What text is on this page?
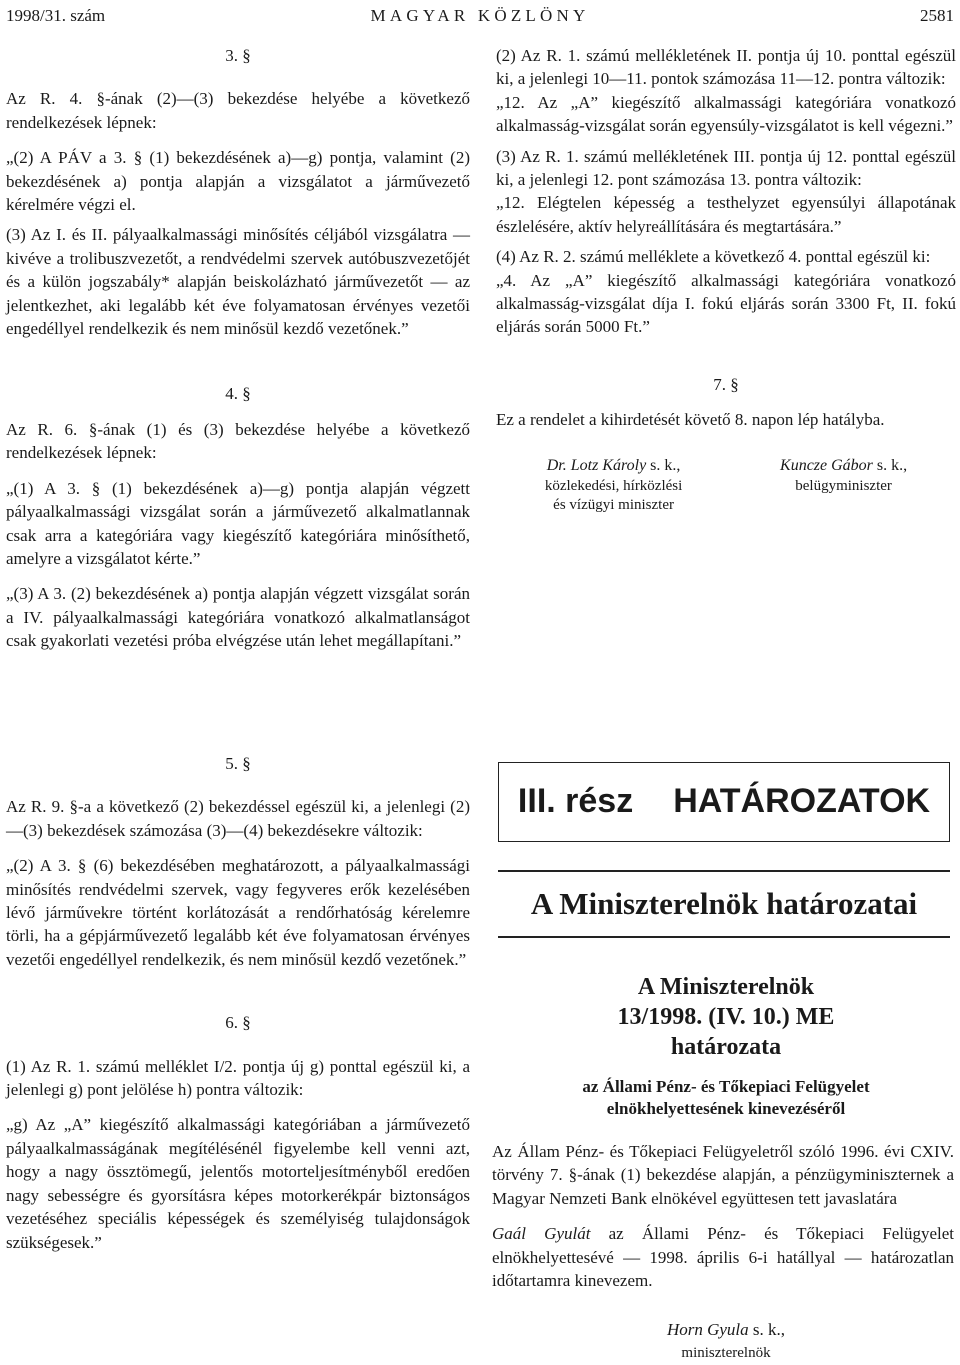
1998/31. szám	MAGYAR KÖZLÖNY	2581

3. §

Az R. 4. §-ának (2)—(3) bekezdése helyébe a következő rendelkezések lépnek:

„(2) A PÁV a 3. § (1) bekezdésének a)—g) pontja, valamint (2) bekezdésének a) pontja alapján a vizsgálatot a járművezető kérelmére végzi el.

(3) Az I. és II. pályaalkalmassági minősítés céljából vizsgálatra — kivéve a trolibuszvezetőt, a rendvédelmi szervek autóbuszvezetőjét és a külön jogszabály* alapján beiskolázható járművezetőt — az jelentkezhet, aki legalább két éve folyamatosan érvényes vezetői engedéllyel rendelkezik és nem minősül kezdő vezetőnek.”

4. §

Az R. 6. §-ának (1) és (3) bekezdése helyébe a következő rendelkezések lépnek:

„(1) A 3. § (1) bekezdésének a)—g) pontja alapján végzett pályaalkalmassági vizsgálat során a járművezető alkalmatlannak csak arra a kategóriára vagy kiegészítő kategóriára minősíthető, amelyre a vizsgálatot kérte.”

„(3) A 3. (2) bekezdésének a) pontja alapján végzett vizsgálat során a IV. pályaalkalmassági kategóriára vonatkozó alkalmatlanságot csak gyakorlati vezetési próba elvégzése után lehet megállapítani.”

5. §

Az R. 9. §-a a következő (2) bekezdéssel egészül ki, a jelenlegi (2)—(3) bekezdések számozása (3)—(4) bekezdésekre változik:

„(2) A 3. § (6) bekezdésében meghatározott, a pályaalkalmassági minősítés rendvédelmi szervek, vagy fegyveres erők kezelésében lévő járművekre történt korlátozását a rendőrhatóság kérelemre törli, ha a gépjárművezető legalább két éve folyamatosan érvényes vezetői engedéllyel rendelkezik, és nem minősül kezdő vezetőnek.”

6. §

(1) Az R. 1. számú melléklet I/2. pontja új g) ponttal egészül ki, a jelenlegi g) pont jelölése h) pontra változik:

„g) Az „A” kiegészítő alkalmassági kategóriában a járművezető pályaalkalmasságának megítélésénél figyelembe kell venni azt, hogy a nagy össztömegű, jelentős motorteljesítményből eredően nagy sebességre és gyorsításra képes motorkerékpár biztonságos vezetéséhez speciális képességek és személyiség tulajdonságok szükségesek.”

(2) Az R. 1. számú mellékletének II. pontja új 10. ponttal egészül ki, a jelenlegi 10—11. pontok számozása 11—12. pontra változik:

„12. Az „A” kiegészítő alkalmassági kategóriára vonatkozó alkalmasság-vizsgálat során egyensúly-vizsgálatot is kell végezni.”

(3) Az R. 1. számú mellékletének III. pontja új 12. ponttal egészül ki, a jelenlegi 12. pont számozása 13. pontra változik:

„12. Elégtelen képesség a testhelyzet egyensúlyi állapotának észlelésére, aktív helyreállítására és megtartására.”

(4) Az R. 2. számú melléklete a következő 4. ponttal egészül ki:

„4. Az „A” kiegészítő alkalmassági kategóriára vonatkozó alkalmasság-vizsgálat díja I. fokú eljárás során 3300 Ft, II. fokú eljárás során 5000 Ft.”

7. §

Ez a rendelet a kihirdetését követő 8. napon lép hatályba.

Dr. Lotz Károly s. k.,
közlekedési, hírközlési
és vízügyi miniszter
Kuncze Gábor s. k.,
belügyminiszter
III. rész HATÁROZATOK
A Miniszterelnök határozatai
A Miniszterelnök
13/1998. (IV. 10.) ME
határozata
az Állami Pénz- és Tőkepiaci Felügyelet
elnökhelyettesének kinevezéséről

Az Állam Pénz- és Tőkepiaci Felügyeletről szóló 1996. évi CXIV. törvény 7. §-ának (1) bekezdése alapján, a pénzügyminiszternek a Magyar Nemzeti Bank elnökével együttesen tett javaslatára

Gaál Gyulát az Állami Pénz- és Tőkepiaci Felügyelet elnökhelyettesévé — 1998. április 6-i hatállyal — határozatlan időtartamra kinevezem.

Horn Gyula s. k.,
miniszterelnök
